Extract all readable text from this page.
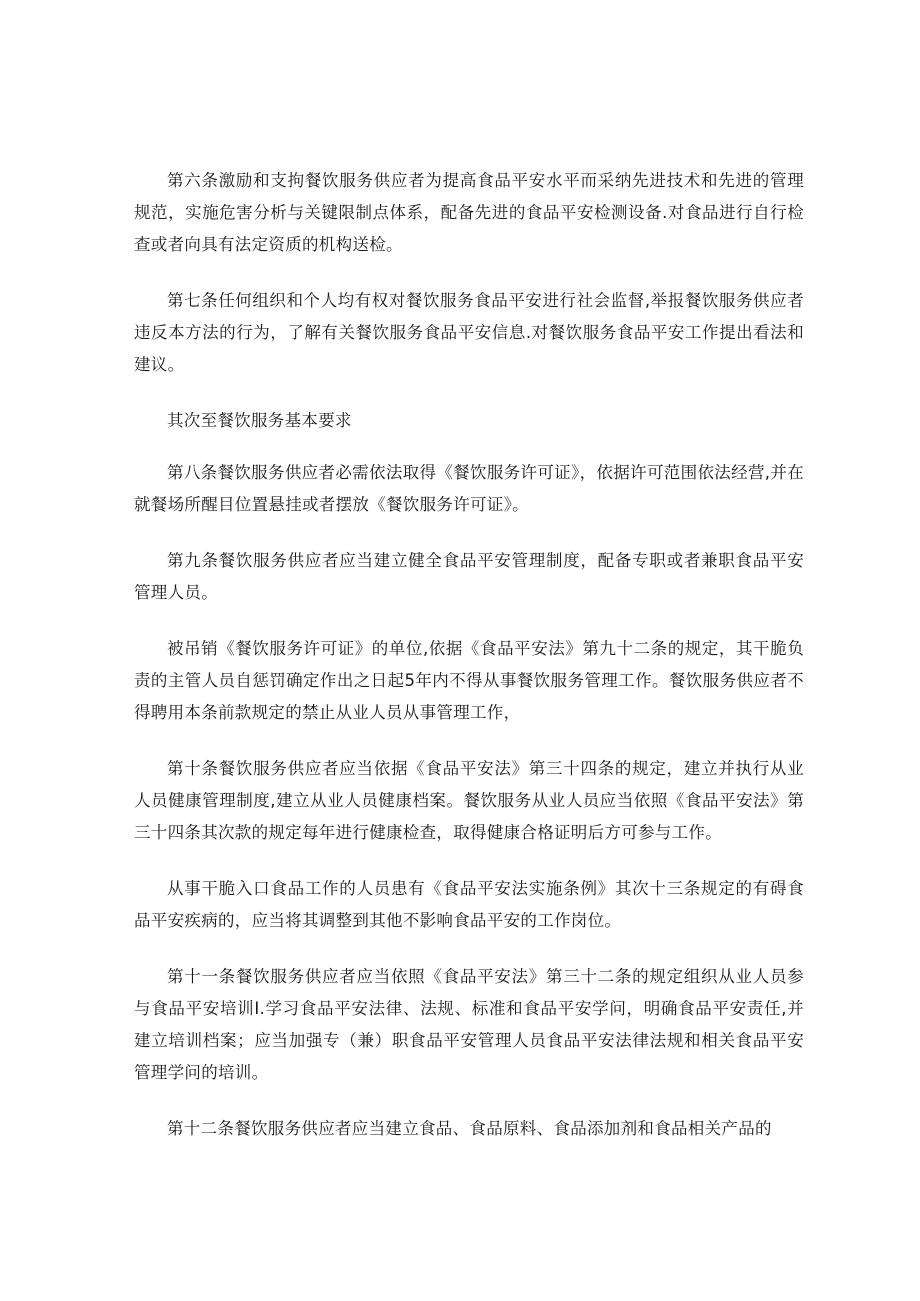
第六条激励和支拘餐饮服务供应者为提高食品平安水平而采纳先进技术和先进的管理规范，实施危害分析与关键限制点体系，配备先进的食品平安检测设备.对食品进行自行检查或者向具有法定资质的机构送检。

第七条任何组织和个人均有权对餐饮服务食品平安进行社会监督,举报餐饮服务供应者违反本方法的行为，了解有关餐饮服务食品平安信息.对餐饮服务食品平安工作提出看法和建议。

其次至餐饮服务基本要求

第八条餐饮服务供应者必需依法取得《餐饮服务许可证》，依据许可范围依法经营,并在就餐场所醒目位置悬挂或者摆放《餐饮服务许可证》。

第九条餐饮服务供应者应当建立健全食品平安管理制度，配备专职或者兼职食品平安管理人员。

被吊销《餐饮服务许可证》的单位,依据《食品平安法》第九十二条的规定，其干脆负责的主管人员自惩罚确定作出之日起5年内不得从事餐饮服务管理工作。餐饮服务供应者不得聘用本条前款规定的禁止从业人员从事管理工作，

第十条餐饮服务供应者应当依据《食品平安法》第三十四条的规定，建立并执行从业人员健康管理制度,建立从业人员健康档案。餐饮服务从业人员应当依照《食品平安法》第三十四条其次款的规定每年进行健康检查，取得健康合格证明后方可参与工作。

从事干脆入口食品工作的人员患有《食品平安法实施条例》其次十三条规定的有碍食品平安疾病的，应当将其调整到其他不影响食品平安的工作岗位。

第十一条餐饮服务供应者应当依照《食品平安法》第三十二条的规定组织从业人员参与食品平安培训I.学习食品平安法律、法规、标准和食品平安学问，明确食品平安责任,并建立培训档案；应当加强专（兼）职食品平安管理人员食品平安法律法规和相关食品平安管理学问的培训。

第十二条餐饮服务供应者应当建立食品、食品原料、食品添加剂和食品相关产品的
